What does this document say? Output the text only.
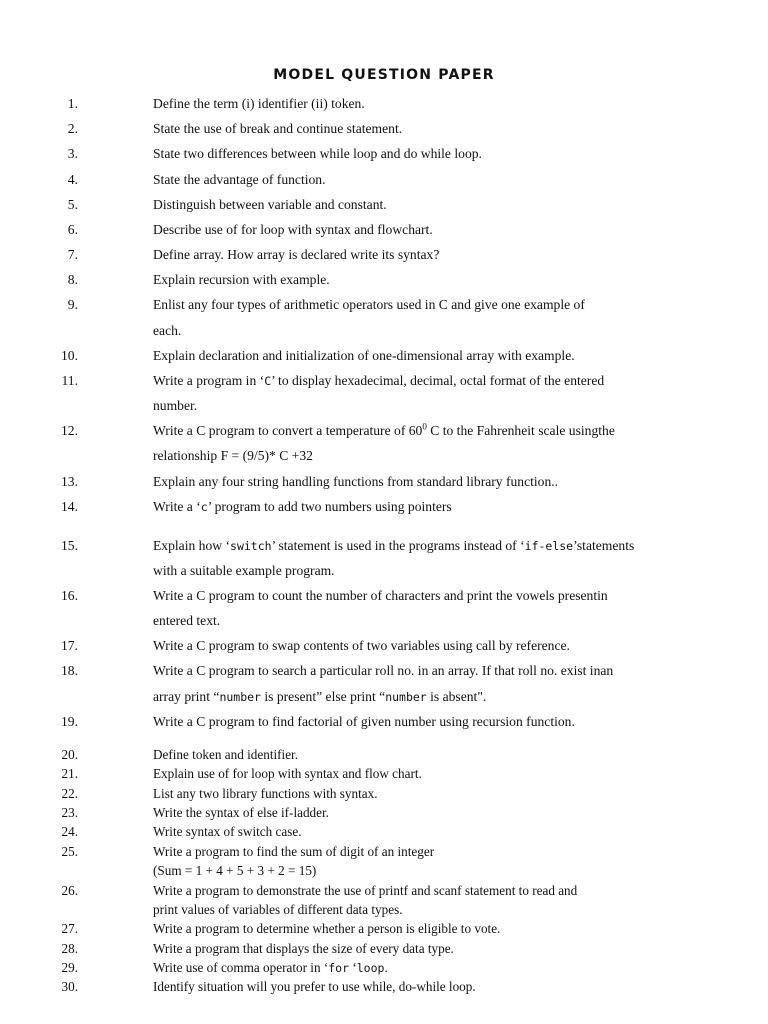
MODEL QUESTION PAPER
1.	Define the term (i) identifier (ii) token.
2.	State the use of break and continue statement.
3.	State two differences between while loop and do while loop.
4.	State the advantage of function.
5.	Distinguish between variable and constant.
6.	Describe use of for loop with syntax and flowchart.
7.	Define array. How array is declared write its syntax?
8.	Explain recursion with example.
9.	Enlist any four types of arithmetic operators used in C and give one example of
each.
10.	Explain declaration and initialization of one-dimensional array with example.
11.	Write a program in ‘C’ to display hexadecimal, decimal, octal format of the entered
number.
12.	Write a C program to convert a temperature of $60^0$ C to the Fahrenheit scale usingthe
relationship F = (9/5)* C +32
13.	Explain any four string handling functions from standard library function..
14.	Write a ‘c’ program to add two numbers using pointers
15.	Explain how ‘switch’ statement is used in the programs instead of ‘if-else’statements
with a suitable example program.
16.	Write a C program to count the number of characters and print the vowels presentin
entered text.
17.	Write a C program to swap contents of two variables using call by reference.
18.	Write a C program to search a particular roll no. in an array. If that roll no. exist inan
array print “number is present” else print “number is absent".
19.	Write a C program to find factorial of given number using recursion function.
20.	Define token and identifier.
21.	Explain use of for loop with syntax and flow chart.
22.	List any two library functions with syntax.
23.	Write the syntax of else if-ladder.
24.	Write syntax of switch case.
25.	Write a program to find the sum of digit of an integer
(Sum = 1 + 4 + 5 + 3 + 2 = 15)
26.	Write a program to demonstrate the use of printf and scanf statement to read and
print values of variables of different data types.
27.	Write a program to determine whether a person is eligible to vote.
28.	Write a program that displays the size of every data type.
29.	Write use of comma operator in ‘for ‘loop.
30.	Identify situation will you prefer to use while, do-while loop.
